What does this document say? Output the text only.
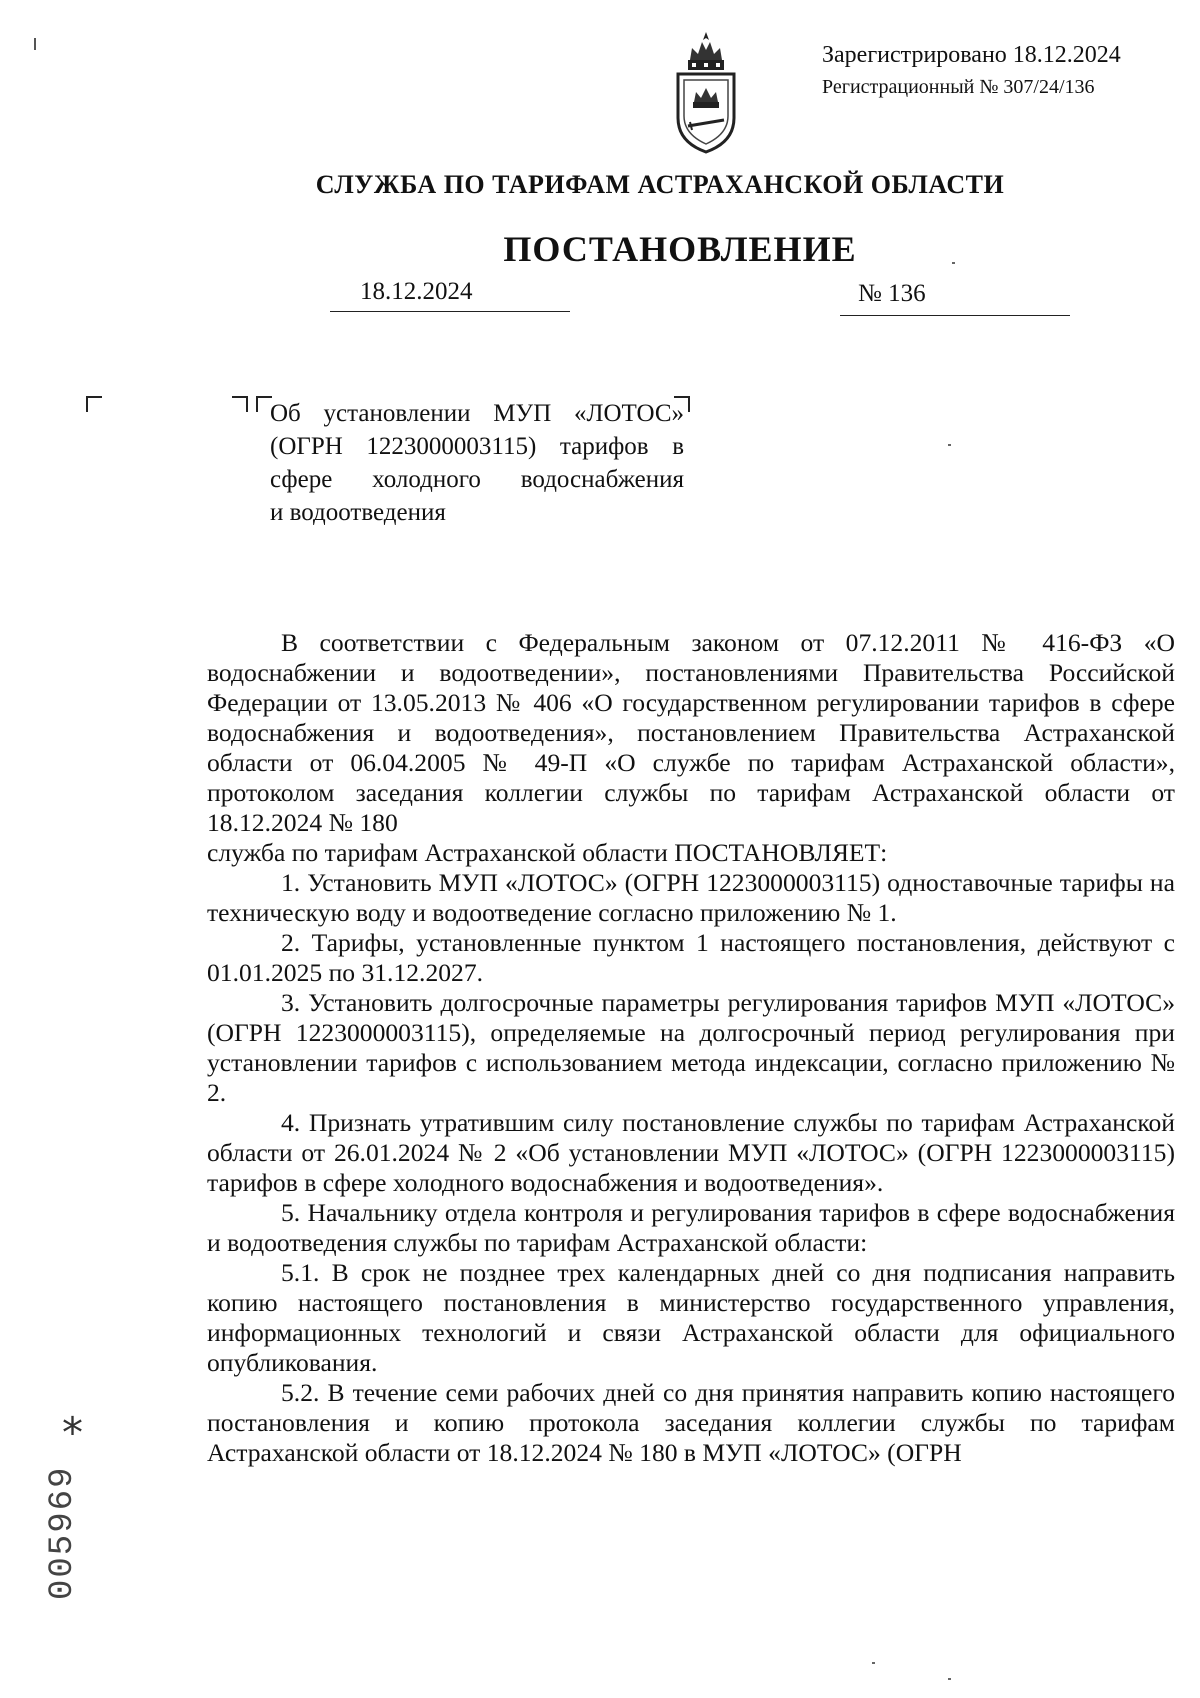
Зарегистрировано 18.12.2024
Регистрационный № 307/24/136
СЛУЖБА ПО ТАРИФАМ АСТРАХАНСКОЙ ОБЛАСТИ
ПОСТАНОВЛЕНИЕ
18.12.2024	№ 136

Об установлении МУП «ЛОТОС»

(ОГРН 1223000003115) тарифов в

сфере холодного водоснабжения

и водоотведения

В соответствии с Федеральным законом от 07.12.2011 № 416-ФЗ «О водоснабжении и водоотведении», постановлениями Правительства Российской Федерации от 13.05.2013 № 406 «О государственном регулировании тарифов в сфере водоснабжения и водоотведения», постановлением Правительства Астраханской области от 06.04.2005 № 49-П «О службе по тарифам Астраханской области», протоколом заседания коллегии службы по тарифам Астраханской области от 18.12.2024 № 180

служба по тарифам Астраханской области ПОСТАНОВЛЯЕТ:

1. Установить МУП «ЛОТОС» (ОГРН 1223000003115) одноставочные тарифы на техническую воду и водоотведение согласно приложению № 1.

2. Тарифы, установленные пунктом 1 настоящего постановления, действуют с 01.01.2025 по 31.12.2027.

3. Установить долгосрочные параметры регулирования тарифов МУП «ЛОТОС» (ОГРН 1223000003115), определяемые на долгосрочный период регулирования при установлении тарифов с использованием метода индексации, согласно приложению № 2.

4. Признать утратившим силу постановление службы по тарифам Астраханской области от 26.01.2024 № 2 «Об установлении МУП «ЛОТОС» (ОГРН 1223000003115) тарифов в сфере холодного водоснабжения и водоотведения».

5. Начальнику отдела контроля и регулирования тарифов в сфере водоснабжения и водоотведения службы по тарифам Астраханской области:

5.1. В срок не позднее трех календарных дней со дня подписания направить копию настоящего постановления в министерство государственного управления, информационных технологий и связи Астраханской области для официального опубликования.

5.2. В течение семи рабочих дней со дня принятия направить копию настоящего постановления и копию протокола заседания коллегии службы по тарифам Астраханской области от 18.12.2024 № 180 в МУП «ЛОТОС» (ОГРН

*
005969
